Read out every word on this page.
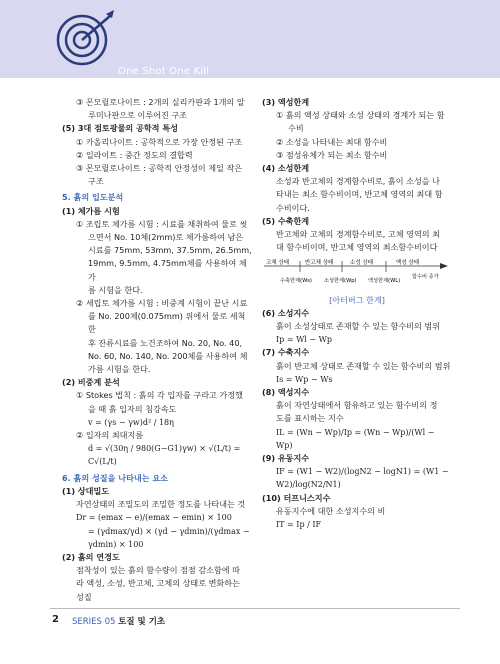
One Shot One Kill

③ 몬모릴로나이트 : 2개의 실리카판과 1개의 알

루미나판으로 이루어진 구조

(5) 3대 점토광물의 공학적 특성

① 카올리나이트 : 공학적으로 가장 안정된 구조

② 일라이트 : 중간 정도의 결합력

③ 몬모릴로나이트 : 공학적 안정성이 제일 작은

구조

5. 흙의 입도분석

(1) 체가름 시험

① 조립토 체가름 시험 : 시료를 채취하여 물로 씻

으면서 No. 10체(2mm)로 체가름하여 남은

시료를 75mm, 53mm, 37.5mm, 26.5mm,

19mm, 9.5mm, 4.75mm체를 사용하여 체가

름 시험을 한다.

② 세립토 체가름 시험 : 비중계 시험이 끝난 시료

를 No. 200체(0.075mm) 위에서 물로 세척한

후 잔류시료를 노건조하여 No. 20, No. 40,

No. 60, No. 140, No. 200체를 사용하여 체

가름 시험을 한다.

(2) 비중계 분석

① Stokes 법칙 : 흙의 각 입자를 구라고 가정했

을 때 흙 입자의 침강속도

v = (γs − γw)d² / 18η

② 입자의 최대지름

d = √(30η / 980(G−G1)γw) × √(L/t) = C√(L/t)

6. 흙의 성질을 나타내는 요소

(1) 상대밀도

자연상태의 조밀도의 조밀한 정도를 나타내는 것

Dr = (emax − e)/(emax − emin) × 100

= (γdmax/γd) × (γd − γdmin)/(γdmax − γdmin) × 100

(2) 흙의 연경도

점착성이 있는 흙의 함수량이 점점 감소함에 따

라 액성, 소성, 반고체, 고체의 상태로 변화하는

성질

(3) 액성한계

① 흙의 액성 상태와 소성 상태의 경계가 되는 함

수비

② 소성을 나타내는 최대 함수비

③ 점성유체가 되는 최소 함수비

(4) 소성한계

소성과 반고체의 경계함수비로, 흙이 소성을 나

타내는 최소 함수비이며, 반고체 영역의 최대 함

수비이다.

(5) 수축한계

반고체와 고체의 경계함수비로, 고체 영역의 최

대 함수비이며, 반고체 영역의 최소함수비이다

고체 상태	반고체 상태	소성 상태	액성 상태
수축한계(Ws) 소성한계(Wp) 액성한계(WL)
함수비 증가

[아터버그 한계]

(6) 소성지수

흙이 소성상태로 존재할 수 있는 함수비의 범위

Ip = Wl − Wp

(7) 수축지수

흙이 반고체 상태로 존재할 수 있는 함수비의 범위

Is = Wp − Ws

(8) 액성지수

흙이 자연상태에서 함유하고 있는 함수비의 정

도를 표시하는 지수

IL = (Wn − Wp)/Ip = (Wn − Wp)/(Wl − Wp)

(9) 유동지수

IF = (W1 − W2)/(logN2 − logN1) = (W1 − W2)/log(N2/N1)

(10) 터프니스지수

유동지수에 대한 소성지수의 비

IT = Ip / IF

2 SERIES 05 토질 및 기초
